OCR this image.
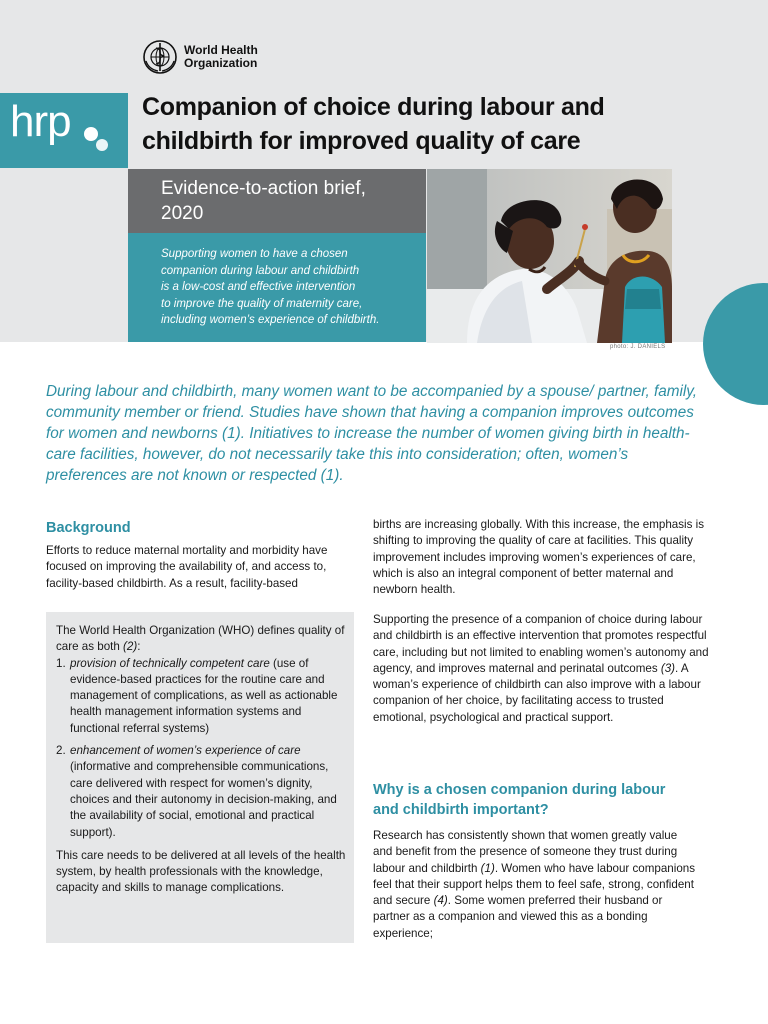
World Health
Organization
hrp	Companion of choice during labour and
childbirth for improved quality of care
Evidence-to-action brief,
2020
Supporting women to have a chosen
companion during labour and childbirth
is a low-cost and effective intervention
to improve the quality of maternity care,
including women’s experience of childbirth.
photo: J. DANIELS

During labour and childbirth, many women want to be accompanied by a spouse/ partner, family, community member or friend. Studies have shown that having a companion improves outcomes for women and newborns (1). Initiatives to increase the number of women giving birth in health-care facilities, however, do not necessarily take this into consideration; often, women’s preferences are not known or respected (1).

Background

Efforts to reduce maternal mortality and morbidity have focused on improving the availability of, and access to, facility-based childbirth. As a result, facility-based

The World Health Organization (WHO) defines quality of care as both (2):

1. provision of technically competent care (use of evidence-based practices for the routine care and management of complications, as well as actionable health management information systems and functional referral systems)

2. enhancement of women’s experience of care (informative and comprehensible communications, care delivered with respect for women’s dignity, choices and their autonomy in decision-making, and the availability of social, emotional and practical support).

This care needs to be delivered at all levels of the health system, by health professionals with the knowledge, capacity and skills to manage complications.

births are increasing globally. With this increase, the emphasis is shifting to improving the quality of care at facilities. This quality improvement includes improving women’s experiences of care, which is also an integral component of better maternal and newborn health.

Supporting the presence of a companion of choice during labour and childbirth is an effective intervention that promotes respectful care, including but not limited to enabling women’s autonomy and agency, and improves maternal and perinatal outcomes (3). A woman’s experience of childbirth can also improve with a labour companion of her choice, by facilitating access to trusted emotional, psychological and practical support.

Why is a chosen companion during labour and childbirth important?

Research has consistently shown that women greatly value and benefit from the presence of someone they trust during labour and childbirth (1). Women who have labour companions feel that their support helps them to feel safe, strong, confident and secure (4). Some women preferred their husband or partner as a companion and viewed this as a bonding experience;
